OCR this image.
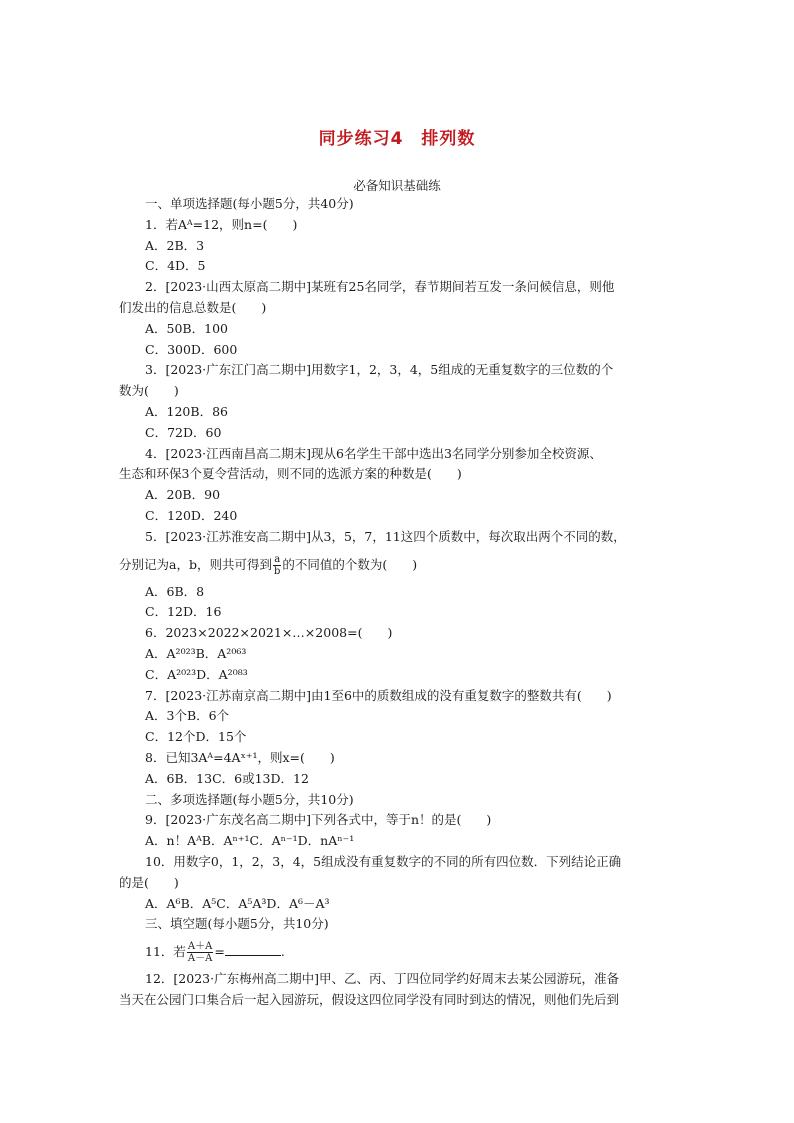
同步练习4　排列数
必备知识基础练
一、单项选择题(每小题5分，共40分)
1．若Aᴬ=12，则n=(　　)
A．2B．3
C．4D．5
2．[2023·山西太原高二期中]某班有25名同学，春节期间若互发一条问候信息，则他
们发出的信息总数是(　　)
A．50B．100
C．300D．600
3．[2023·广东江门高二期中]用数字1，2，3，4，5组成的无重复数字的三位数的个
数为(　　)
A．120B．86
C．72D．60
4．[2023·江西南昌高二期末]现从6名学生干部中选出3名同学分别参加全校资源、
生态和环保3个夏令营活动，则不同的选派方案的种数是(　　)
A．20B．90
C．120D．240
5．[2023·江苏淮安高二期中]从3，5，7，11这四个质数中，每次取出两个不同的数，
分别记为a，b，则共可得到 $\frac{a}{b}$ 的不同值的个数为(　　)
A．6B．8
C．12D．16
6．2023×2022×2021×…×2008=(　　)
A．A²⁰²³B．A²⁰⁶³
C．A²⁰²³D．A²⁰⁸³
7．[2023·江苏南京高二期中]由1至6中的质数组成的没有重复数字的整数共有(　　)
A．3个B．6个
C．12个D．15个
8．已知3Aᴬ=4Aˣ⁺¹，则x=(　　)
A．6B．13C．6或13D．12
二、多项选择题(每小题5分，共10分)
9．[2023·广东茂名高二期中]下列各式中，等于n！的是(　　)
A．n！AᴬB．Aⁿ⁺¹C．Aⁿ⁻¹D．nAⁿ⁻¹
10．用数字0，1，2，3，4，5组成没有重复数字的不同的所有四位数．下列结论正确
的是(　　)
A．A⁶B．A⁵C．A⁵A³D．A⁶－A³
三、填空题(每小题5分，共10分)
11．若 $\frac{A+A}{A-A}$ =	.
12．[2023·广东梅州高二期中]甲、乙、丙、丁四位同学约好周末去某公园游玩，准备
当天在公园门口集合后一起入园游玩，假设这四位同学没有同时到达的情况，则他们先后到
